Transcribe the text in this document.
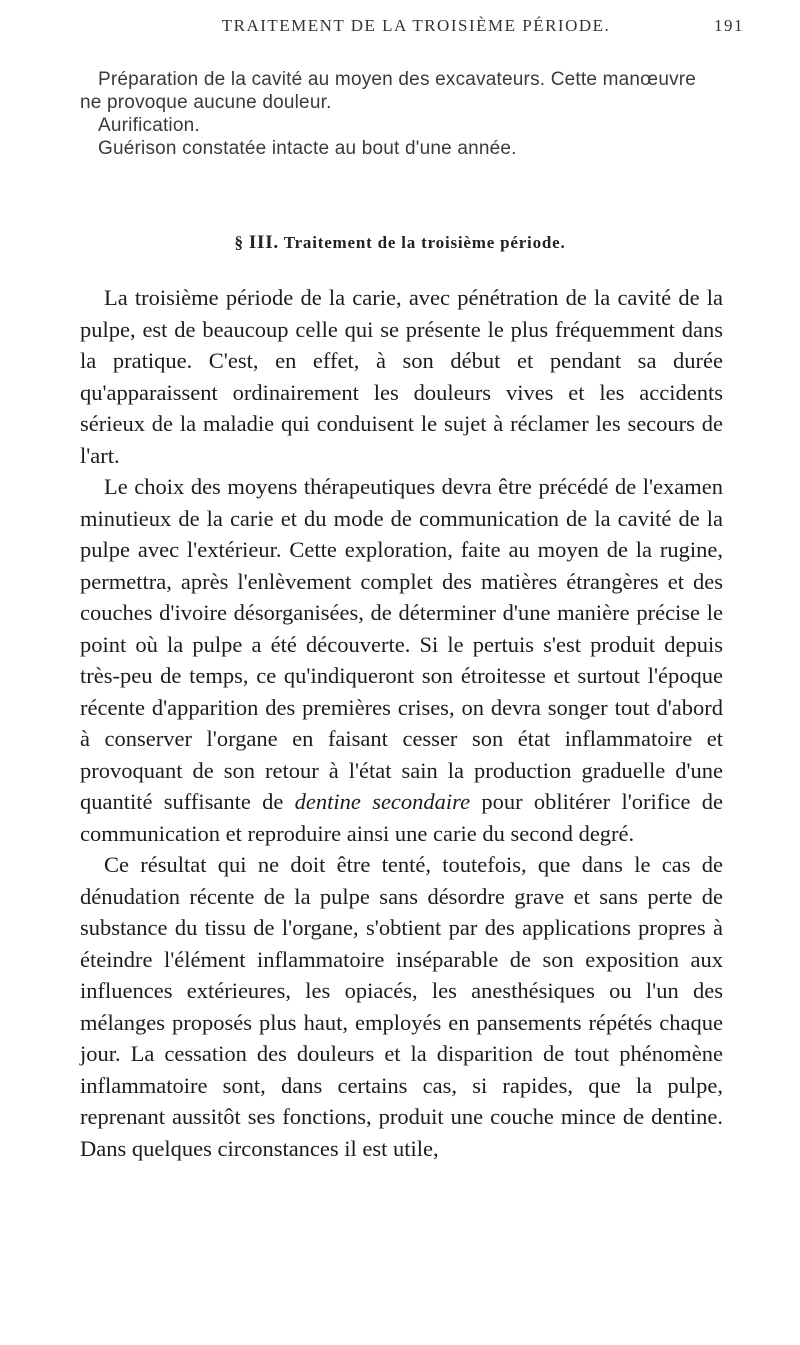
TRAITEMENT DE LA TROISIÈME PÉRIODE.	191

Préparation de la cavité au moyen des excavateurs. Cette manœuvre ne provoque aucune douleur.

Aurification.

Guérison constatée intacte au bout d'une année.

§ III. Traitement de la troisième période.

La troisième période de la carie, avec pénétration de la cavité de la pulpe, est de beaucoup celle qui se présente le plus fréquemment dans la pratique. C'est, en effet, à son début et pendant sa durée qu'apparaissent ordinairement les douleurs vives et les accidents sérieux de la maladie qui conduisent le sujet à réclamer les secours de l'art.

Le choix des moyens thérapeutiques devra être précédé de l'examen minutieux de la carie et du mode de communication de la cavité de la pulpe avec l'extérieur. Cette exploration, faite au moyen de la rugine, permettra, après l'enlèvement complet des matières étrangères et des couches d'ivoire désorganisées, de déterminer d'une manière précise le point où la pulpe a été découverte. Si le pertuis s'est produit depuis très-peu de temps, ce qu'indiqueront son étroitesse et surtout l'époque récente d'apparition des premières crises, on devra songer tout d'abord à conserver l'organe en faisant cesser son état inflammatoire et provoquant de son retour à l'état sain la production graduelle d'une quantité suffisante de dentine secondaire pour oblitérer l'orifice de communication et reproduire ainsi une carie du second degré.

Ce résultat qui ne doit être tenté, toutefois, que dans le cas de dénudation récente de la pulpe sans désordre grave et sans perte de substance du tissu de l'organe, s'obtient par des applications propres à éteindre l'élément inflammatoire inséparable de son exposition aux influences extérieures, les opiacés, les anesthésiques ou l'un des mélanges proposés plus haut, employés en pansements répétés chaque jour. La cessation des douleurs et la disparition de tout phénomène inflammatoire sont, dans certains cas, si rapides, que la pulpe, reprenant aussitôt ses fonctions, produit une couche mince de dentine. Dans quelques circonstances il est utile,
